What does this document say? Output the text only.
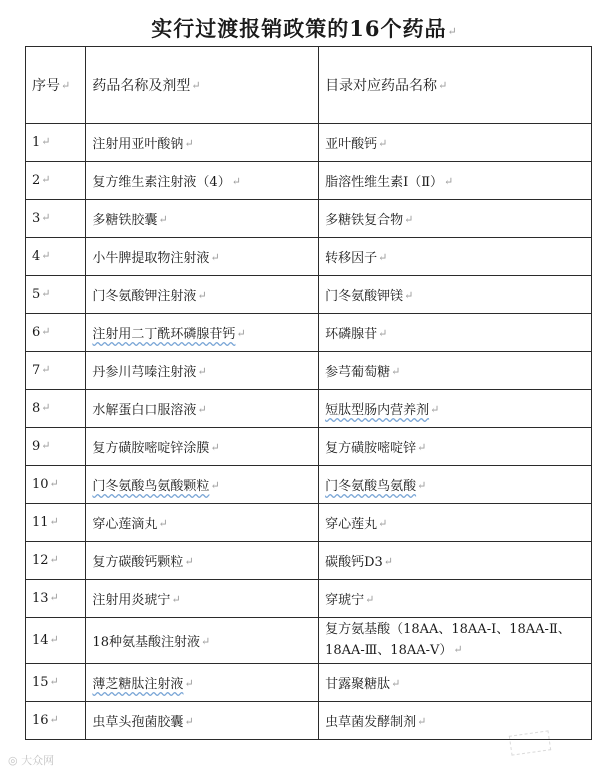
实行过渡报销政策的16个药品↵
序号↵	药品名称及剂型↵	目录对应药品名称↵
1↵	注射用亚叶酸钠↵	亚叶酸钙↵
2↵	复方维生素注射液（4）↵	脂溶性维生素Ⅰ（Ⅱ）↵
3↵	多糖铁胶囊↵	多糖铁复合物↵
4↵	小牛脾提取物注射液↵	转移因子↵
5↵	门冬氨酸钾注射液↵	门冬氨酸钾镁↵
6↵	注射用二丁酰环磷腺苷钙↵	环磷腺苷↵
7↵	丹参川芎嗪注射液↵	参芎葡萄糖↵
8↵	水解蛋白口服溶液↵	短肽型肠内营养剂↵
9↵	复方磺胺嘧啶锌涂膜↵	复方磺胺嘧啶锌↵
10↵	门冬氨酸鸟氨酸颗粒↵	门冬氨酸鸟氨酸↵
11↵	穿心莲滴丸↵	穿心莲丸↵
12↵	复方碳酸钙颗粒↵	碳酸钙D3↵
13↵	注射用炎琥宁↵	穿琥宁↵
14↵	18种氨基酸注射液↵	复方氨基酸（18AA、18AA-Ⅰ、18AA-Ⅱ、18AA-Ⅲ、18AA-Ⅴ）↵
15↵	薄芝糖肽注射液↵	甘露聚糖肽↵
16↵	虫草头孢菌胶囊↵	虫草菌发酵制剂↵
◎ 大众网
